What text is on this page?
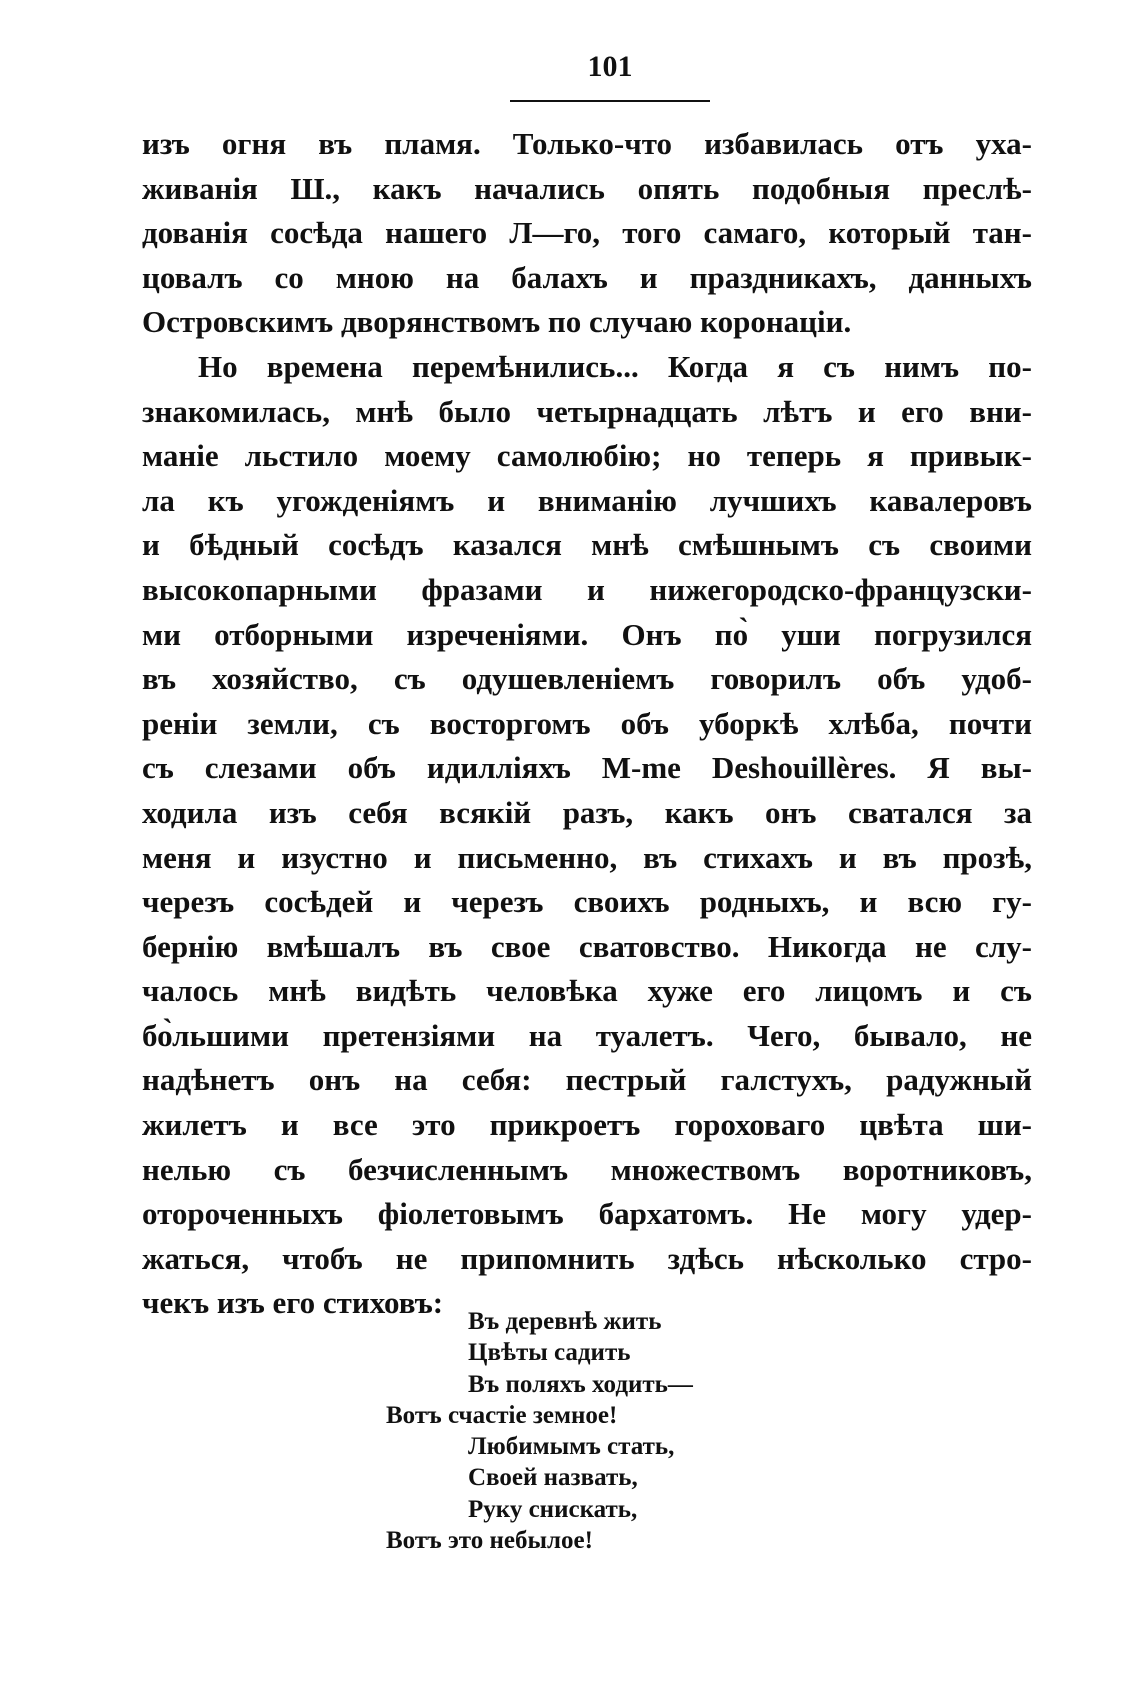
101
изъ огня въ пламя. Только-что избавилась отъ уха-
живанія Ш., какъ начались опять подобныя преслѣ-
дованія сосѣда нашего Л—го, того самаго, который тан-
цовалъ со мною на балахъ и праздникахъ, данныхъ
Островскимъ дворянствомъ по случаю коронаціи.
Но времена перемѣнились... Когда я съ нимъ по-
знакомилась, мнѣ было четырнадцать лѣтъ и его вни-
маніе льстило моему самолюбію; но теперь я привык-
ла къ угожденіямъ и вниманію лучшихъ кавалеровъ
и бѣдный сосѣдъ казался мнѣ смѣшнымъ съ своими
высокопарными фразами и нижегородско-французски-
ми отборными изреченіями. Онъ по̀ уши погрузился
въ хозяйство, съ одушевленіемъ говорилъ объ удоб-
реніи земли, съ восторгомъ объ уборкѣ хлѣба, почти
съ слезами объ идилліяхъ M-me Deshouillères. Я вы-
ходила изъ себя всякій разъ, какъ онъ сватался за
меня и изустно и письменно, въ стихахъ и въ прозѣ,
черезъ сосѣдей и черезъ своихъ родныхъ, и всю гу-
бернію вмѣшалъ въ свое сватовство. Никогда не слу-
чалось мнѣ видѣть человѣка хуже его лицомъ и съ
бо̀льшими претензіями на туалетъ. Чего, бывало, не
надѣнетъ онъ на себя: пестрый галстухъ, радужный
жилетъ и все это прикроетъ гороховаго цвѣта ши-
нелью съ безчисленнымъ множествомъ воротниковъ,
отороченныхъ фіолетовымъ бархатомъ. Не могу удер-
жаться, чтобъ не припомнить здѣсь нѣсколько стро-
чекъ изъ его стиховъ:
Въ деревнѣ жить
Цвѣты садить
Въ поляхъ ходить—
Вотъ счастіе земное!
Любимымъ стать,
Своей назвать,
Руку снискать,
Вотъ это небылое!
